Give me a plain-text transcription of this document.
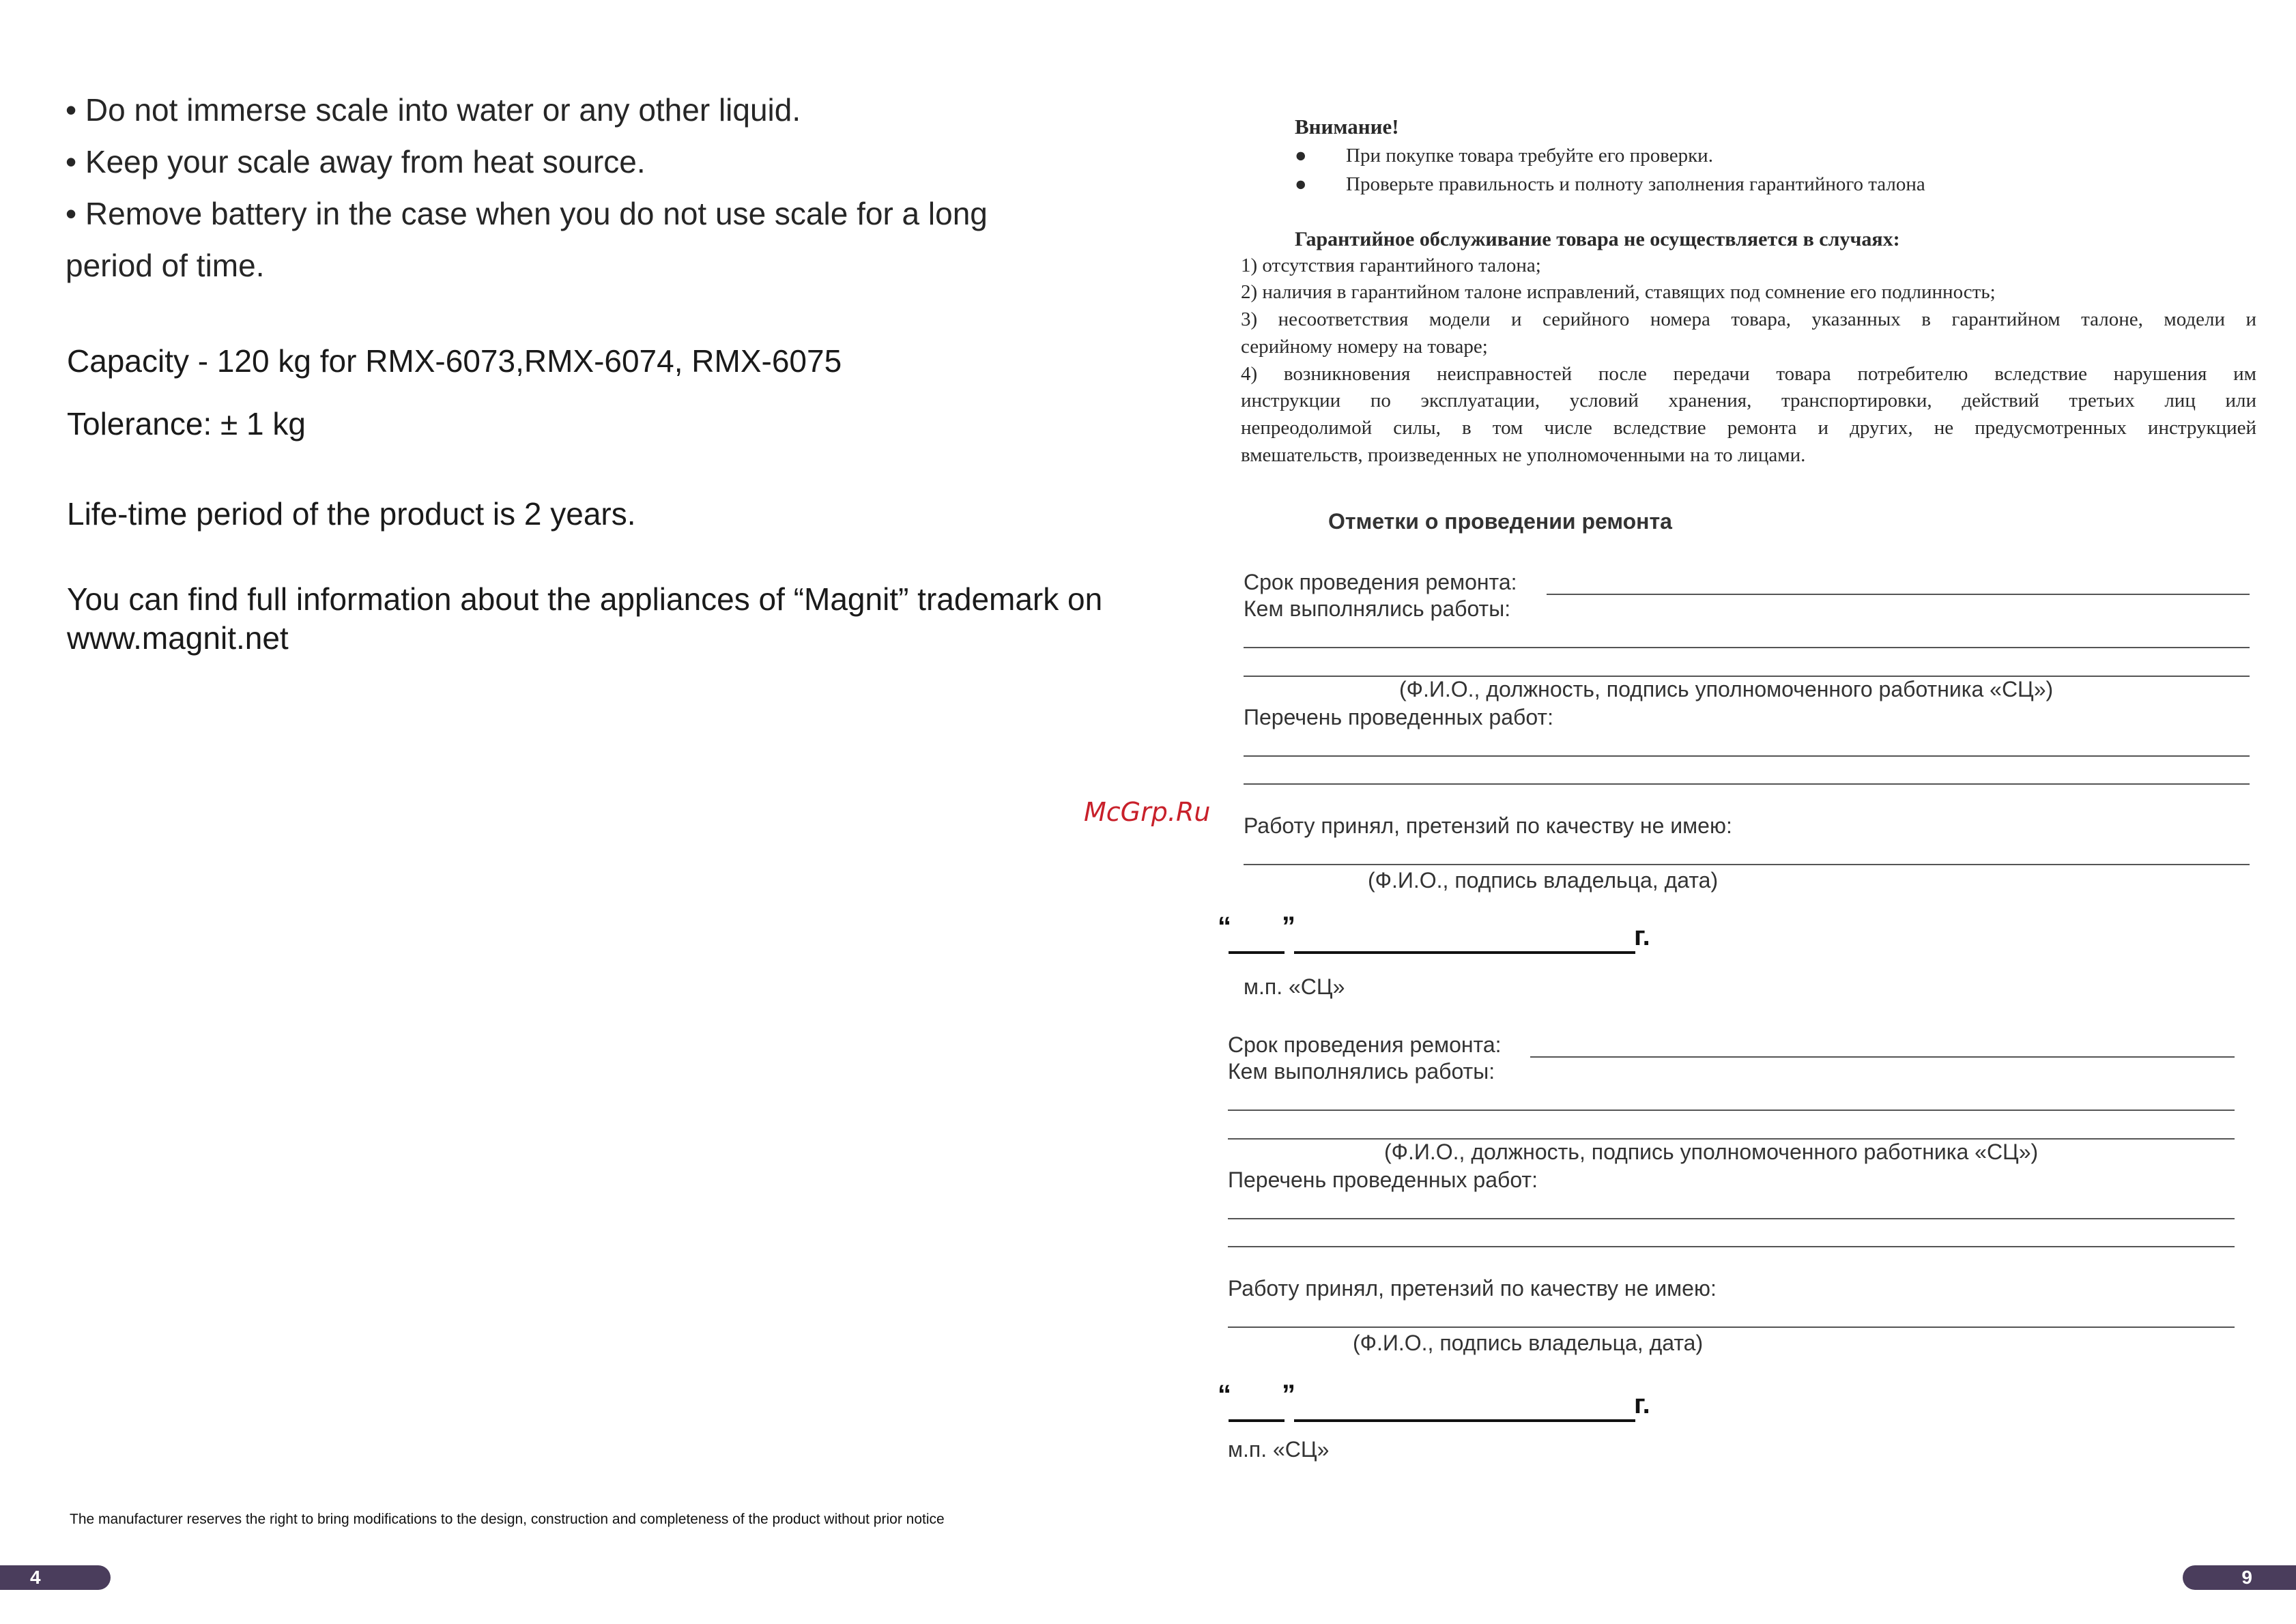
• Do not immerse scale into water or any other liquid.
• Keep your scale away from heat source.
• Remove battery in the case when you do not use scale for a long
period of time.
Capacity - 120 kg for RMX-6073,RMX-6074, RMX-6075
Tolerance: ± 1 kg
Life-time period of the product is 2 years.
You can find full information about the appliances of “Magnit” trademark on
www.magnit.net
The manufacturer reserves the right to bring modifications to the design, construction and completeness of the product without prior notice
4
McGrp.Ru
Внимание!
● При покупке товара требуйте его проверки.
● Проверьте правильность и полноту заполнения гарантийного талона
Гарантийное обслуживание товара не осуществляется в случаях:
1) отсутствия гарантийного талона;
2) наличия в гарантийном талоне исправлений, ставящих под сомнение его подлинность;
3) несоответствия модели и серийного номера товара, указанных в гарантийном талоне, модели и
серийному номеру на товаре;
4) возникновения неисправностей после передачи товара потребителю вследствие нарушения им
инструкции по эксплуатации, условий хранения, транспортировки, действий третьих лиц или
непреодолимой силы, в том числе вследствие ремонта и других, не предусмотренных инструкцией
вмешательств, произведенных не уполномоченными на то лицами.
Отметки о проведении ремонта
Срок проведения ремонта:
Кем выполнялись работы:
(Ф.И.О., должность, подпись уполномоченного работника «СЦ»)
Перечень проведенных работ:
Работу принял, претензий по качеству не имею:
(Ф.И.О., подпись владельца, дата)
“ ”	г.
м.п. «СЦ»
Срок проведения ремонта:
Кем выполнялись работы:
(Ф.И.О., должность, подпись уполномоченного работника «СЦ»)
Перечень проведенных работ:
Работу принял, претензий по качеству не имею:
(Ф.И.О., подпись владельца, дата)
“ ”	г.
м.п. «СЦ»
9
